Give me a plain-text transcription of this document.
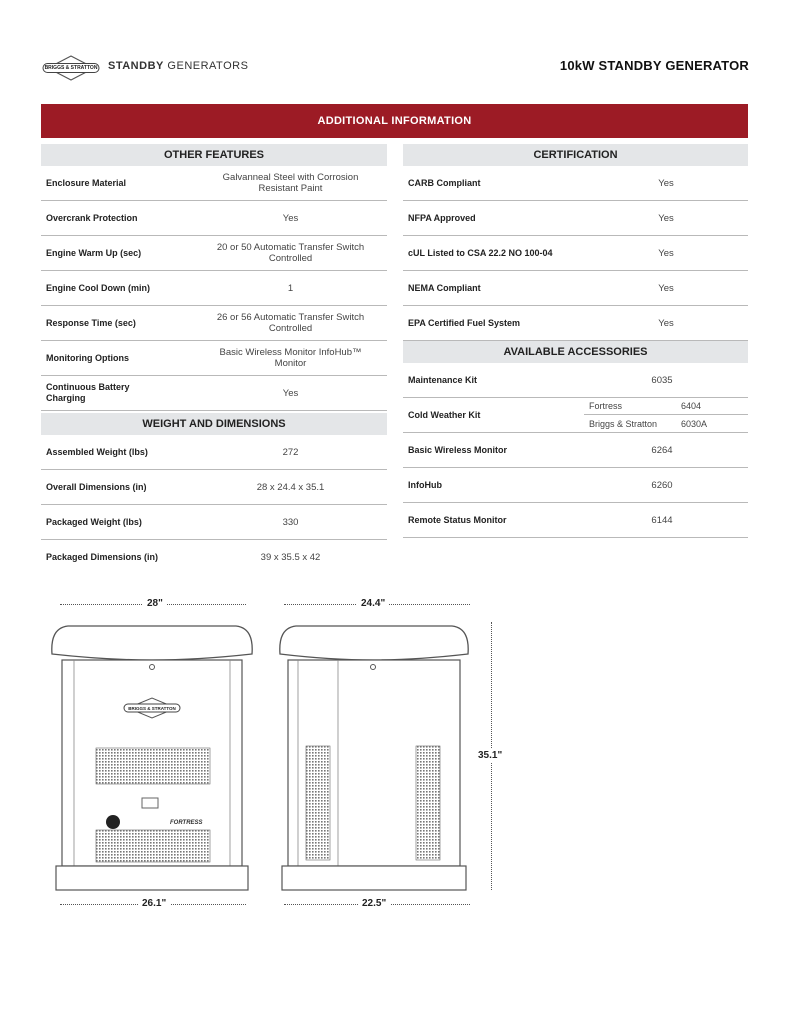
BRIGGS & STRATTON STANDBY GENERATORS	10kW STANDBY GENERATOR
ADDITIONAL INFORMATION
OTHER FEATURES
Enclosure Material	Galvanneal Steel with Corrosion Resistant Paint
Overcrank Protection	Yes
Engine Warm Up (sec)	20 or 50 Automatic Transfer Switch Controlled
Engine Cool Down (min)	1
Response Time (sec)	26 or 56 Automatic Transfer Switch Controlled
Monitoring Options	Basic Wireless Monitor InfoHub™ Monitor
Continuous Battery Charging	Yes
WEIGHT AND DIMENSIONS
Assembled Weight (lbs)	272
Overall Dimensions (in)	28 x 24.4 x 35.1
Packaged Weight (lbs)	330
Packaged Dimensions (in)	39 x 35.5 x 42
CERTIFICATION
CARB Compliant	Yes
NFPA Approved	Yes
cUL Listed to CSA 22.2 NO 100-04	Yes
NEMA Compliant	Yes
EPA Certified Fuel System	Yes
AVAILABLE ACCESSORIES
Maintenance Kit	6035
Cold Weather Kit
Fortress	6404
Briggs & Stratton	6030A
Basic Wireless Monitor	6264
InfoHub	6260
Remote Status Monitor	6144
28"	24.4"
35.1"
26.1"	22.5"
BRIGGS & STRATTON
FORTRESS
